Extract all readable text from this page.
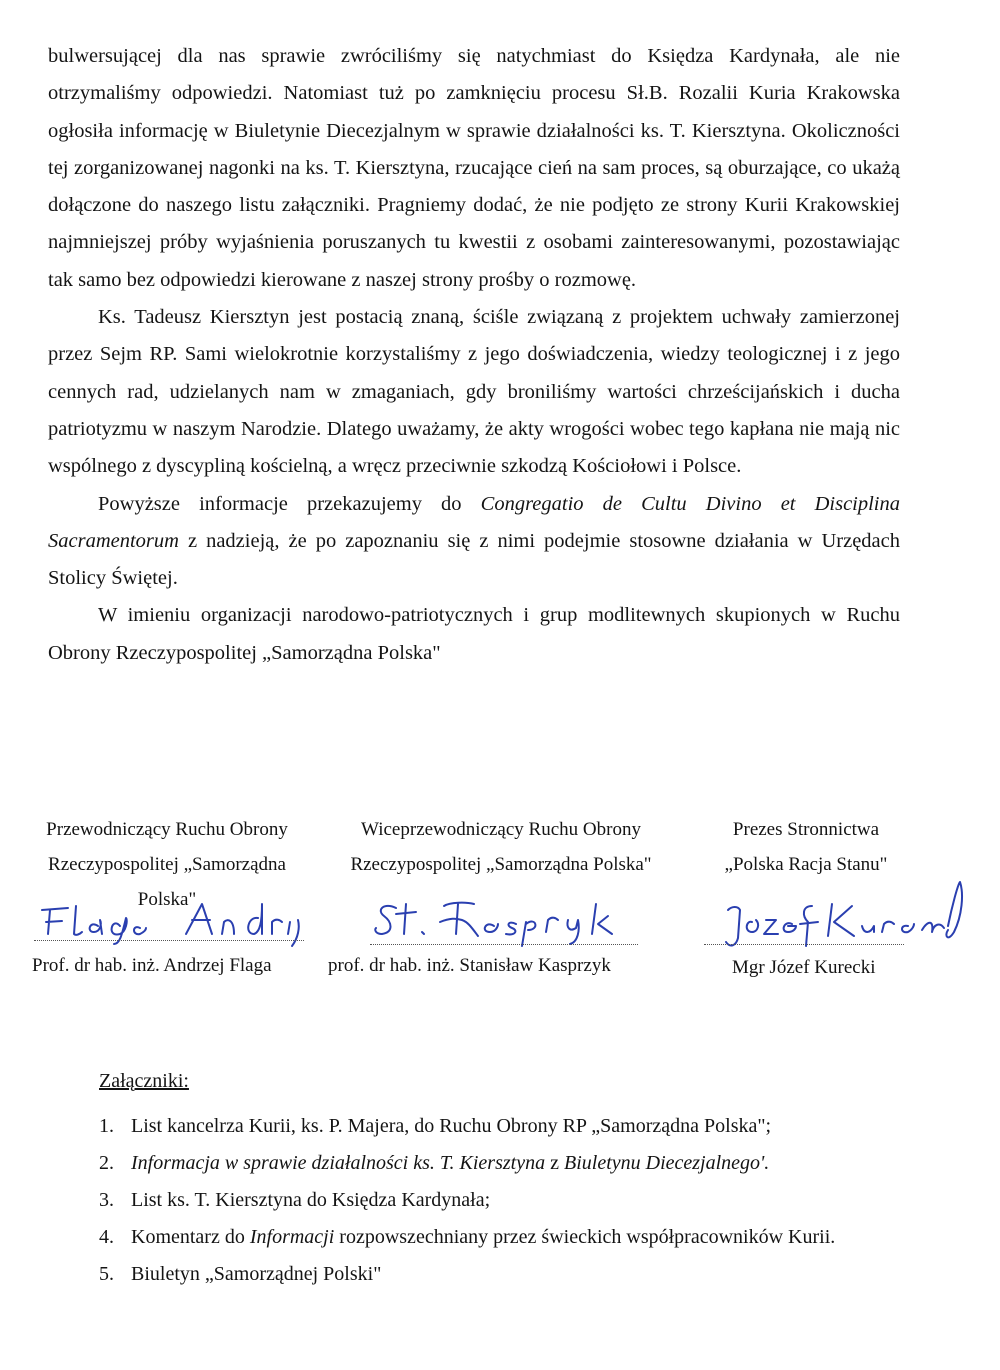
bulwersującej dla nas sprawie zwróciliśmy się natychmiast do Księdza Kardynała, ale nie otrzymaliśmy odpowiedzi. Natomiast tuż po zamknięciu procesu Sł.B. Rozalii Kuria Krakowska ogłosiła informację w Biuletynie Diecezjalnym w sprawie działalności ks. T. Kiersztyna. Okoliczności tej zorganizowanej nagonki na ks. T. Kiersztyna, rzucające cień na sam proces, są oburzające, co ukażą dołączone do naszego listu załączniki. Pragniemy dodać, że nie podjęto ze strony Kurii Krakowskiej najmniejszej próby wyjaśnienia poruszanych tu kwestii z osobami zainteresowanymi, pozostawiając tak samo bez odpowiedzi kierowane z naszej strony prośby o rozmowę.

Ks. Tadeusz Kiersztyn jest postacią znaną, ściśle związaną z projektem uchwały zamierzonej przez Sejm RP. Sami wielokrotnie korzystaliśmy z jego doświadczenia, wiedzy teologicznej i z jego cennych rad, udzielanych nam w zmaganiach, gdy broniliśmy wartości chrześcijańskich i ducha patriotyzmu w naszym Narodzie. Dlatego uważamy, że akty wrogości wobec tego kapłana nie mają nic wspólnego z dyscypliną kościelną, a wręcz przeciwnie szkodzą Kościołowi i Polsce.

Powyższe informacje przekazujemy do Congregatio de Cultu Divino et Disciplina Sacramentorum z nadzieją, że po zapoznaniu się z nimi podejmie stosowne działania w Urzędach Stolicy Świętej.

W imieniu organizacji narodowo-patriotycznych i grup modlitewnych skupionych w Ruchu Obrony Rzeczypospolitej „Samorządna Polska"

Przewodniczący Ruchu Obrony
Rzeczypospolitej „Samorządna
Polska"
Prof. dr hab. inż. Andrzej Flaga
Wiceprzewodniczący Ruchu Obrony
Rzeczypospolitej „Samorządna Polska"
prof. dr hab. inż. Stanisław Kasprzyk
Prezes Stronnictwa
„Polska Racja Stanu"
Mgr Józef Kurecki
Załączniki:
1. List kancelrza Kurii, ks. P. Majera, do Ruchu Obrony RP „Samorządna Polska";
2. Informacja w sprawie działalności ks. T. Kiersztyna z Biuletynu Diecezjalnego'.
3. List ks. T. Kiersztyna do Księdza Kardynała;
4. Komentarz do Informacji rozpowszechniany przez świeckich współpracowników Kurii.
5. Biuletyn „Samorządnej Polski"
